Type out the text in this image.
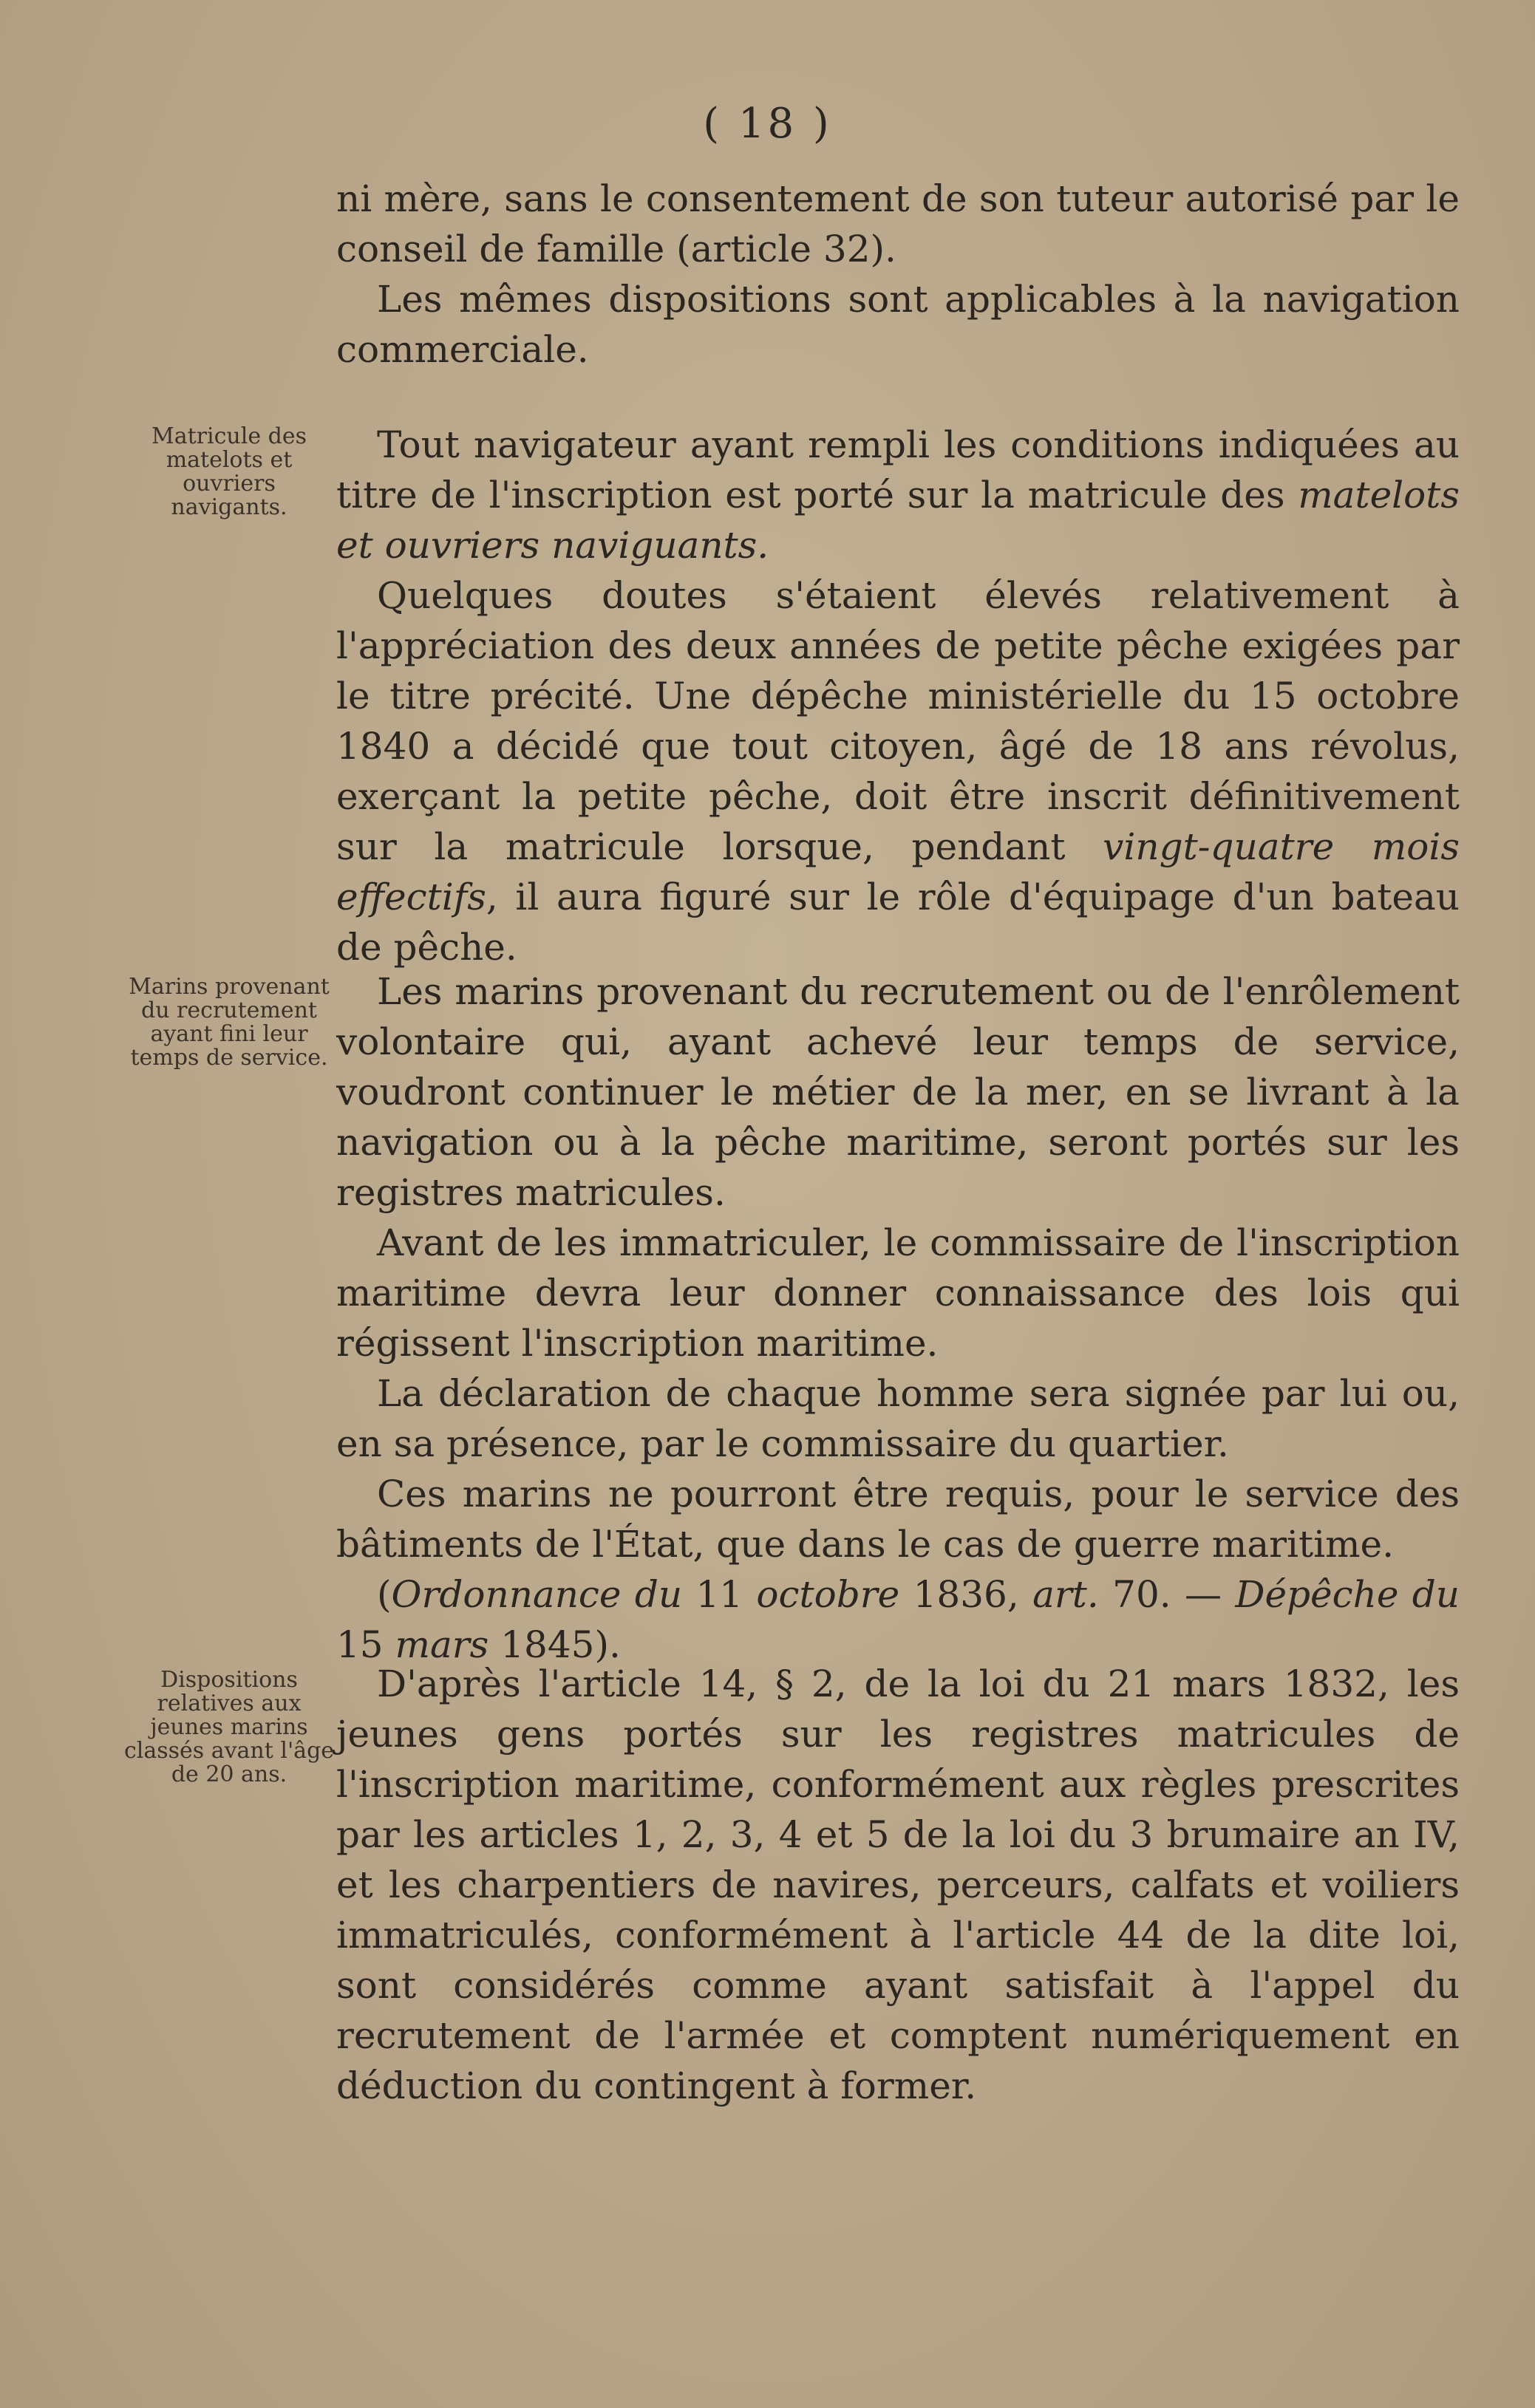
( 18 )

ni mère, sans le consentement de son tuteur autorisé par le conseil de famille (article 32).

Les mêmes dispositions sont applicables à la navigation commerciale.

Matricule des matelots et ouvriers navigants.

Tout navigateur ayant rempli les conditions indiquées au titre de l'inscription est porté sur la matricule des matelots et ouvriers naviguants.

Quelques doutes s'étaient élevés relativement à l'appréciation des deux années de petite pêche exigées par le titre précité. Une dépêche ministérielle du 15 octobre 1840 a décidé que tout citoyen, âgé de 18 ans révolus, exerçant la petite pêche, doit être inscrit définitivement sur la matricule lorsque, pendant vingt-quatre mois effectifs, il aura figuré sur le rôle d'équipage d'un bateau de pêche.

Marins provenant du recrutement ayant fini leur temps de service.

Les marins provenant du recrutement ou de l'enrôlement volontaire qui, ayant achevé leur temps de service, voudront continuer le métier de la mer, en se livrant à la navigation ou à la pêche maritime, seront portés sur les registres matricules.

Avant de les immatriculer, le commissaire de l'inscription maritime devra leur donner connaissance des lois qui régissent l'inscription maritime.

La déclaration de chaque homme sera signée par lui ou, en sa présence, par le commissaire du quartier.

Ces marins ne pourront être requis, pour le service des bâtiments de l'État, que dans le cas de guerre maritime.

(Ordonnance du 11 octobre 1836, art. 70. — Dépêche du 15 mars 1845).

Dispositions relatives aux jeunes marins classés avant l'âge de 20 ans.

D'après l'article 14, § 2, de la loi du 21 mars 1832, les jeunes gens portés sur les registres matricules de l'inscription maritime, conformément aux règles prescrites par les articles 1, 2, 3, 4 et 5 de la loi du 3 brumaire an IV, et les charpentiers de navires, perceurs, calfats et voiliers immatriculés, conformément à l'article 44 de la dite loi, sont considérés comme ayant satisfait à l'appel du recrutement de l'armée et comptent numériquement en déduction du contingent à former.
